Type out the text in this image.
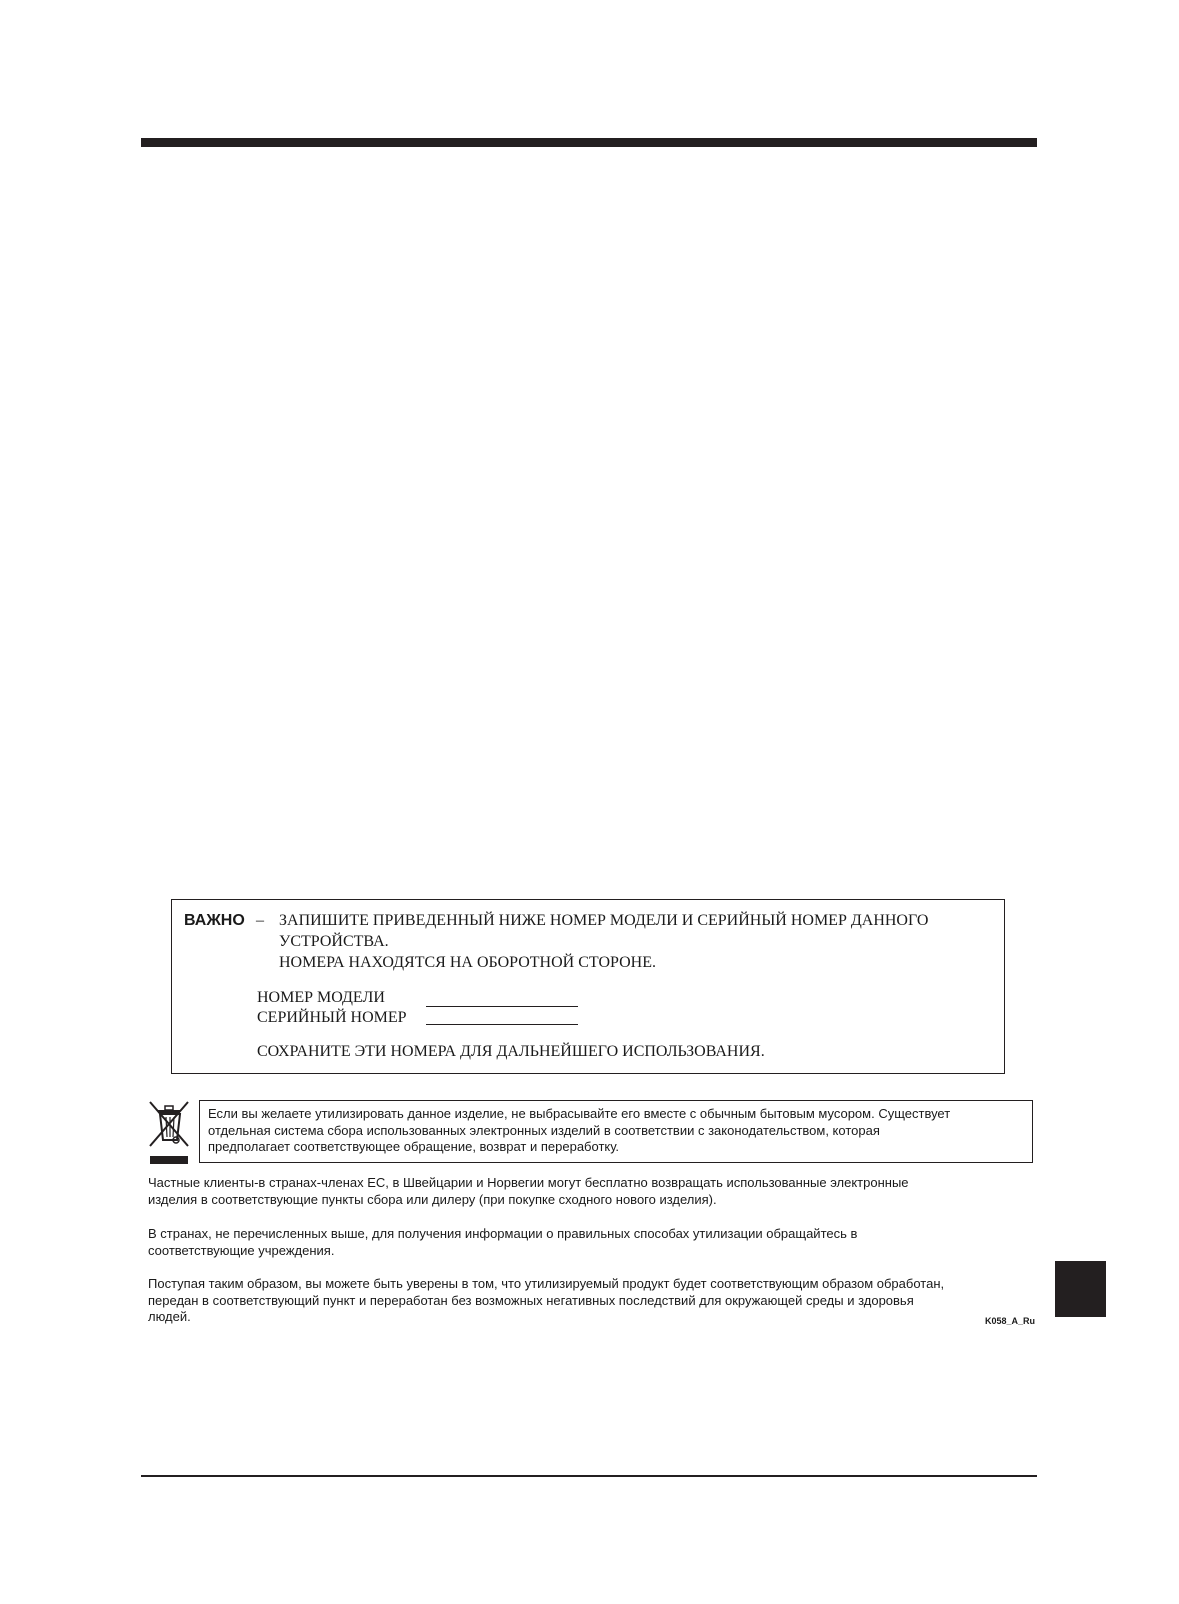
ВАЖНО – ЗАПИШИТЕ ПРИВЕДЕННЫЙ НИЖЕ НОМЕР МОДЕЛИ И СЕРИЙНЫЙ НОМЕР ДАННОГО
УСТРОЙСТВА.
НОМЕРА НАХОДЯТСЯ НА ОБОРОТНОЙ СТОРОНЕ.
НОМЕР МОДЕЛИ
СЕРИЙНЫЙ НОМЕР
СОХРАНИТЕ ЭТИ НОМЕРА ДЛЯ ДАЛЬНЕЙШЕГО ИСПОЛЬЗОВАНИЯ.
Если вы желаете утилизировать данное изделие, не выбрасывайте его вместе с обычным бытовым мусором. Существует
отдельная система сбора использованных электронных изделий в соответствии с законодательством, которая
предполагает соответствующее обращение, возврат и переработку.
Частные клиенты-в странах-членах ЕС, в Швейцарии и Норвегии могут бесплатно возвращать использованные электронные
изделия в соответствующие пункты сбора или дилеру (при покупке сходного нового изделия).
В странах, не перечисленных выше, для получения информации о правильных способах утилизации обращайтесь в
соответствующие учреждения.
Поступая таким образом, вы можете быть уверены в том, что утилизируемый продукт будет соответствующим образом обработан,
передан в соответствующий пункт и переработан без возможных негативных последствий для окружающей среды и здоровья
людей.	K058_A_Ru
